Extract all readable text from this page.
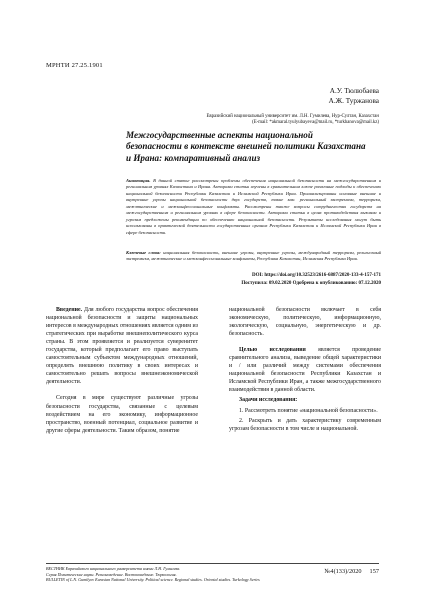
МРНТИ 27.25.1901
А.У. Тюлюбаева
А.Ж. Туржанова
Евразийский национальный университет им. Л.Н. Гумилева, Нур-Султан, Казахстан
(E-mail: *akmaral.tyulyubayeva@mail.ru, *turkhanova@mail.kz)
Межгосударственные аспекты национальной безопасности в контексте внешней политики Казахстана и Ирана: компаративный анализ
Аннотация. В данной статье рассмотрены проблемы обеспечения национальной безопасности на межгосударственном и региональном уровнях Казахстана и Ирана. Авторами статьи изучены в сравнительном ключе различные подходы к обеспечению национальной безопасности Республики Казахстан и Исламской Республики Иран. Проанализированы основные внешние и внутренние угрозы национальной безопасности двух государств, такие как: региональный экстремизм, терроризм, межэтнические и межконфессиональные конфликты. Рассмотрены также вопросы сотрудничества государств на межгосударственном и региональном уровнях в сфере безопасности. Авторами статьи в целях противодействия вызовам и угрозам предложены рекомендации по обеспечению национальной безопасности. Результаты исследования могут быть использованы в практической деятельности государственных органов Республики Казахстан и Исламской Республики Иран в сфере безопасности.
Ключевые слова: национальная безопасность, внешние угрозы, внутренние угрозы, международный терроризм, религиозный экстремизм, межэтнические и межконфессиональные конфликты, Республика Казахстан, Исламская Республика Иран.
DOI: https://doi.org/10.32523/2616-6887/2020-133-4-157-171
Поступила: 09.02.2020 Одобрена к опубликованию: 07.12.2020

Введение. Для любого государства вопрос обеспечения национальной безопасности и защиты национальных интересов в международных отношениях является одним из стратегических при выработке внешнеполитического курса страны. В этом проявляется и реализуется суверенитет государства, который предполагает его право выступать самостоятельным субъектом международных отношений, определять внешнюю политику в своих интересах и самостоятельно решать вопросы внешнеэкономической деятельности.

Сегодня в мире существуют различные угрозы безопасности государства, связанные с целевым воздействием на его экономику, информационное пространство, военный потенциал, социальное развитие и другие сферы деятельности. Таким образом, понятие

национальной безопасности включает в себя экономическую, политическую, информационную, экологическую, социальную, энергетическую и др. безопасность.

Целью исследования является проведение сравнительного анализа, выведение общей характеристики и / или различий между системами обеспечения национальной безопасности Республики Казахстан и Исламской Республики Иран, а также межгосударственного взаимодействия в данной области.

Задачи исследования:

1. Рассмотреть понятие «национальной безопасности».

2. Раскрыть и дать характеристику современным угрозам безопасности в том числе и национальной.

ВЕСТНИК Евразийского национального университета имени Л.Н. Гумилева.
Серия Политические науки. Регионоведение. Востоковедение. Тюркология.
BULLETIN of L.N. Gumilyov Eurasian National University. Political science. Regional studies. Oriental studies. Turkology Series
№4(133)/2020 157
